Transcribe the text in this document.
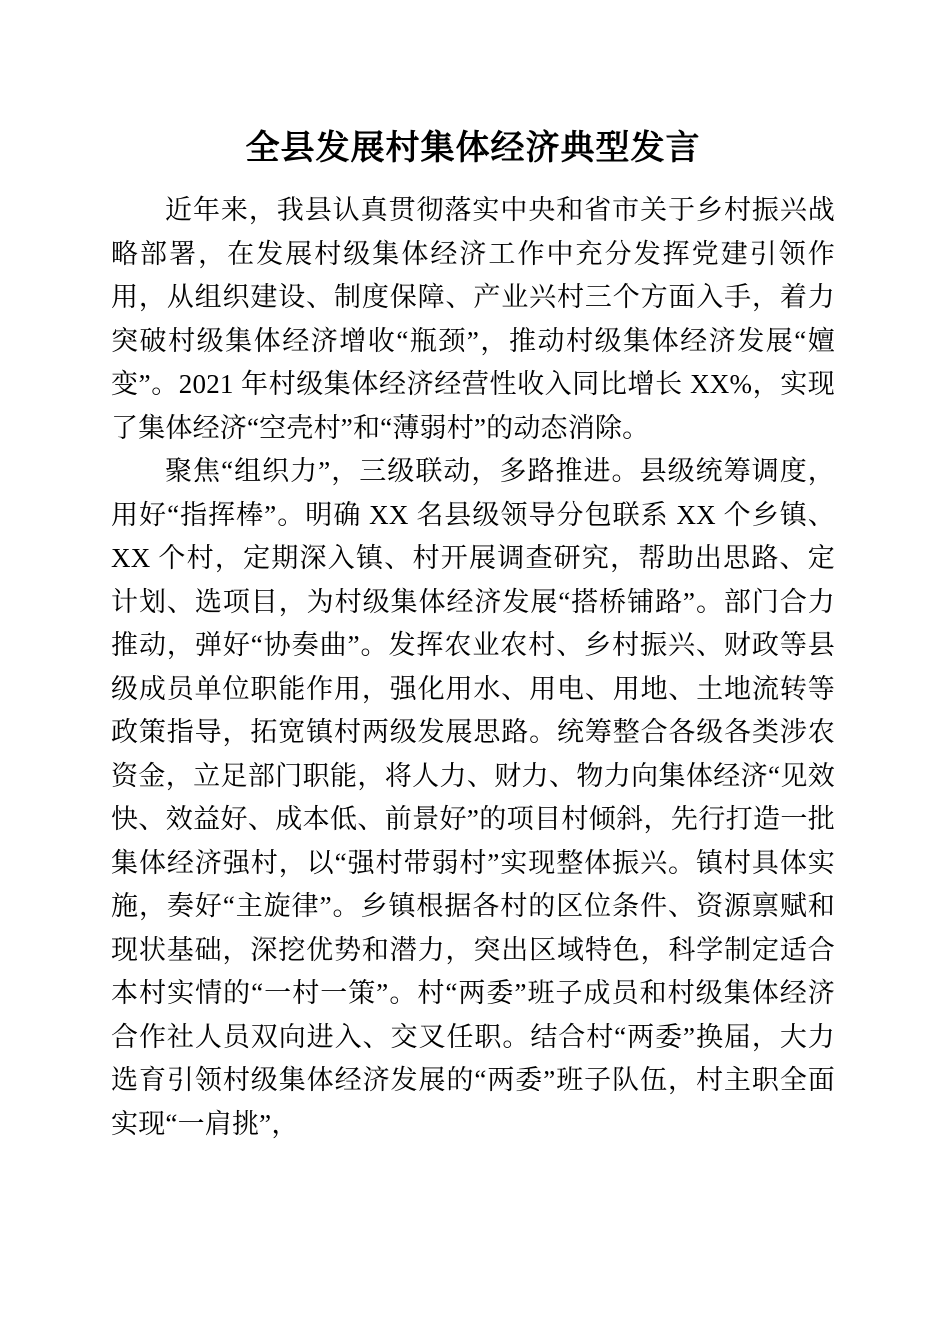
全县发展村集体经济典型发言

近年来，我县认真贯彻落实中央和省市关于乡村振兴战略部署，在发展村级集体经济工作中充分发挥党建引领作用，从组织建设、制度保障、产业兴村三个方面入手，着力突破村级集体经济增收“瓶颈”，推动村级集体经济发展“嬗变”。2021 年村级集体经济经营性收入同比增长 XX%，实现了集体经济“空壳村”和“薄弱村”的动态消除。

聚焦“组织力”，三级联动，多路推进。县级统筹调度，用好“指挥棒”。明确 XX 名县级领导分包联系 XX 个乡镇、XX 个村，定期深入镇、村开展调查研究，帮助出思路、定计划、选项目，为村级集体经济发展“搭桥铺路”。部门合力推动，弹好“协奏曲”。发挥农业农村、乡村振兴、财政等县级成员单位职能作用，强化用水、用电、用地、土地流转等政策指导，拓宽镇村两级发展思路。统筹整合各级各类涉农资金，立足部门职能，将人力、财力、物力向集体经济“见效快、效益好、成本低、前景好”的项目村倾斜，先行打造一批集体经济强村，以“强村带弱村”实现整体振兴。镇村具体实施，奏好“主旋律”。乡镇根据各村的区位条件、资源禀赋和现状基础，深挖优势和潜力，突出区域特色，科学制定适合本村实情的“一村一策”。村“两委”班子成员和村级集体经济合作社人员双向进入、交叉任职。结合村“两委”换届，大力选育引领村级集体经济发展的“两委”班子队伍，村主职全面实现“一肩挑”，
